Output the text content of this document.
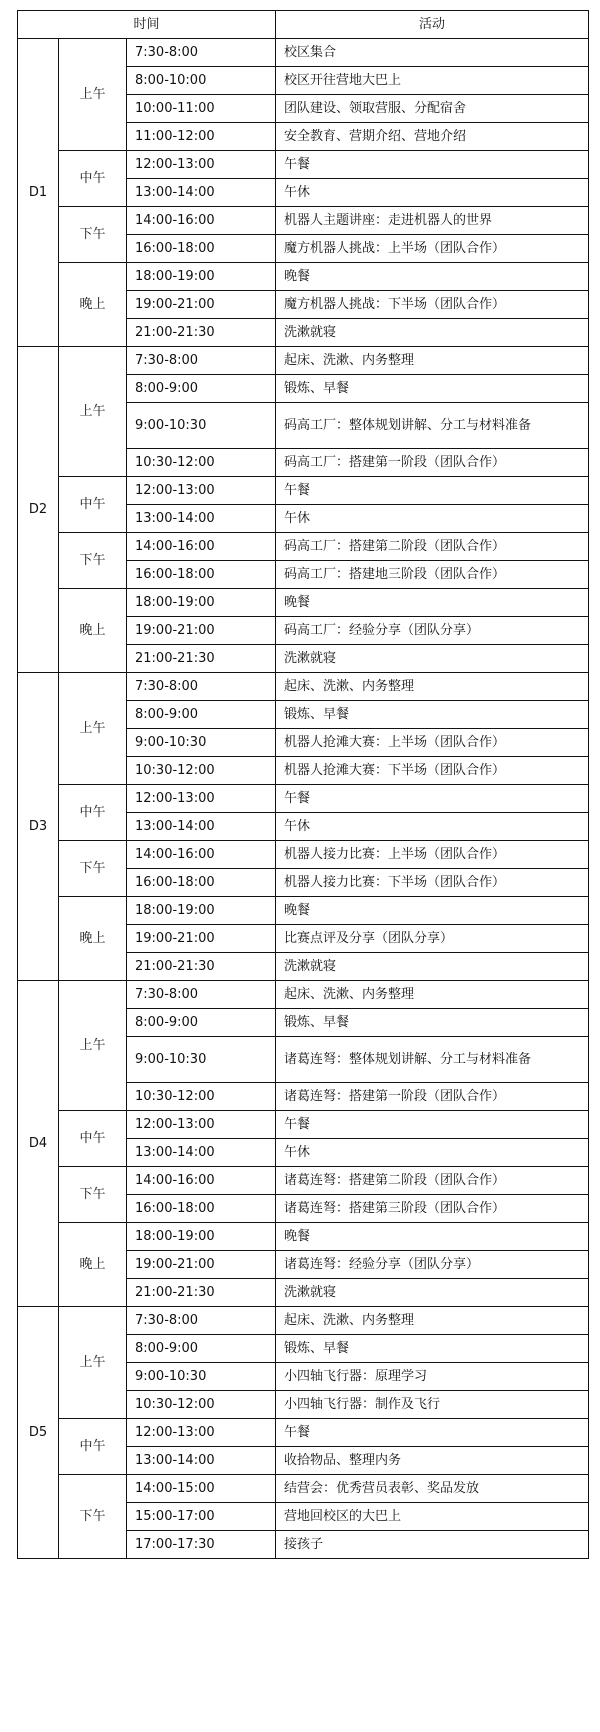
时间			活动
D1	上午	7:30-8:00	校区集合
		8:00-10:00	校区开往营地大巴上
		10:00-11:00	团队建设、领取营服、分配宿舍
		11:00-12:00	安全教育、营期介绍、营地介绍
	中午	12:00-13:00	午餐
		13:00-14:00	午休
	下午	14:00-16:00	机器人主题讲座：走进机器人的世界
		16:00-18:00	魔方机器人挑战：上半场（团队合作）
	晚上	18:00-19:00	晚餐
		19:00-21:00	魔方机器人挑战：下半场（团队合作）
		21:00-21:30	洗漱就寝
D2	上午	7:30-8:00	起床、洗漱、内务整理
		8:00-9:00	锻炼、早餐
		9:00-10:30	码高工厂：整体规划讲解、分工与材料准备
		10:30-12:00	码高工厂：搭建第一阶段（团队合作）
	中午	12:00-13:00	午餐
		13:00-14:00	午休
	下午	14:00-16:00	码高工厂：搭建第二阶段（团队合作）
		16:00-18:00	码高工厂：搭建地三阶段（团队合作）
	晚上	18:00-19:00	晚餐
		19:00-21:00	码高工厂：经验分享（团队分享）
		21:00-21:30	洗漱就寝
D3	上午	7:30-8:00	起床、洗漱、内务整理
		8:00-9:00	锻炼、早餐
		9:00-10:30	机器人抢滩大赛：上半场（团队合作）
		10:30-12:00	机器人抢滩大赛：下半场（团队合作）
	中午	12:00-13:00	午餐
		13:00-14:00	午休
	下午	14:00-16:00	机器人接力比赛：上半场（团队合作）
		16:00-18:00	机器人接力比赛：下半场（团队合作）
	晚上	18:00-19:00	晚餐
		19:00-21:00	比赛点评及分享（团队分享）
		21:00-21:30	洗漱就寝
D4	上午	7:30-8:00	起床、洗漱、内务整理
		8:00-9:00	锻炼、早餐
		9:00-10:30	诸葛连弩：整体规划讲解、分工与材料准备
		10:30-12:00	诸葛连弩：搭建第一阶段（团队合作）
	中午	12:00-13:00	午餐
		13:00-14:00	午休
	下午	14:00-16:00	诸葛连弩：搭建第二阶段（团队合作）
		16:00-18:00	诸葛连弩：搭建第三阶段（团队合作）
	晚上	18:00-19:00	晚餐
		19:00-21:00	诸葛连弩：经验分享（团队分享）
		21:00-21:30	洗漱就寝
D5	上午	7:30-8:00	起床、洗漱、内务整理
		8:00-9:00	锻炼、早餐
		9:00-10:30	小四轴飞行器：原理学习
		10:30-12:00	小四轴飞行器：制作及飞行
	中午	12:00-13:00	午餐
		13:00-14:00	收拾物品、整理内务
	下午	14:00-15:00	结营会：优秀营员表彰、奖品发放
		15:00-17:00	营地回校区的大巴上
		17:00-17:30	接孩子
